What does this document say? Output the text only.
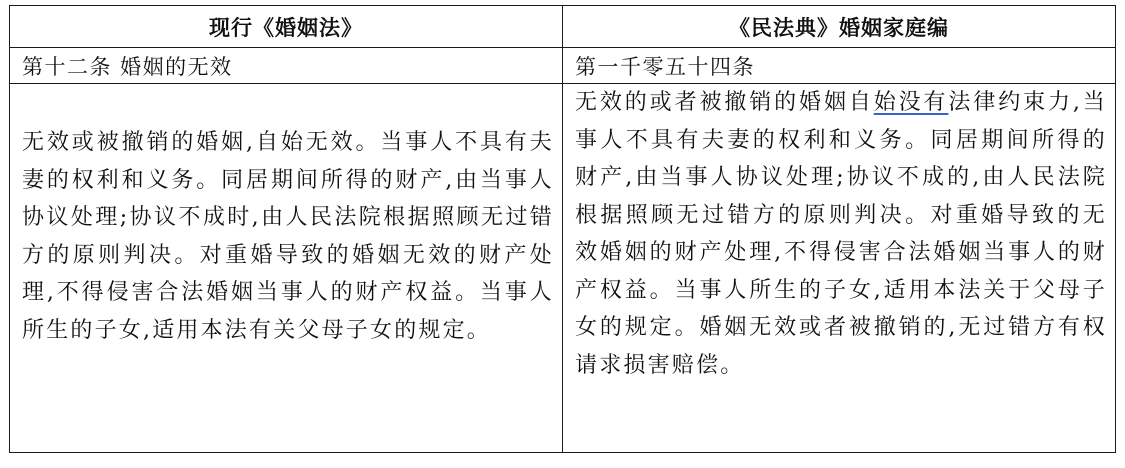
现行《婚姻法》	《民法典》婚姻家庭编
第十二条 婚姻的无效	第一千零五十四条

无效或被撤销的婚姻,自始无效。当事人不具有夫妻的权利和义务。同居期间所得的财产,由当事人协议处理;协议不成时,由人民法院根据照顾无过错方的原则判决。对重婚导致的婚姻无效的财产处理,不得侵害合法婚姻当事人的财产权益。当事人所生的子女,适用本法有关父母子女的规定。	无效的或者被撤销的婚姻自始没有法律约束力,当事人不具有夫妻的权利和义务。同居期间所得的财产,由当事人协议处理;协议不成的,由人民法院根据照顾无过错方的原则判决。对重婚导致的无效婚姻的财产处理,不得侵害合法婚姻当事人的财产权益。当事人所生的子女,适用本法关于父母子女的规定。婚姻无效或者被撤销的,无过错方有权请求损害赔偿。
